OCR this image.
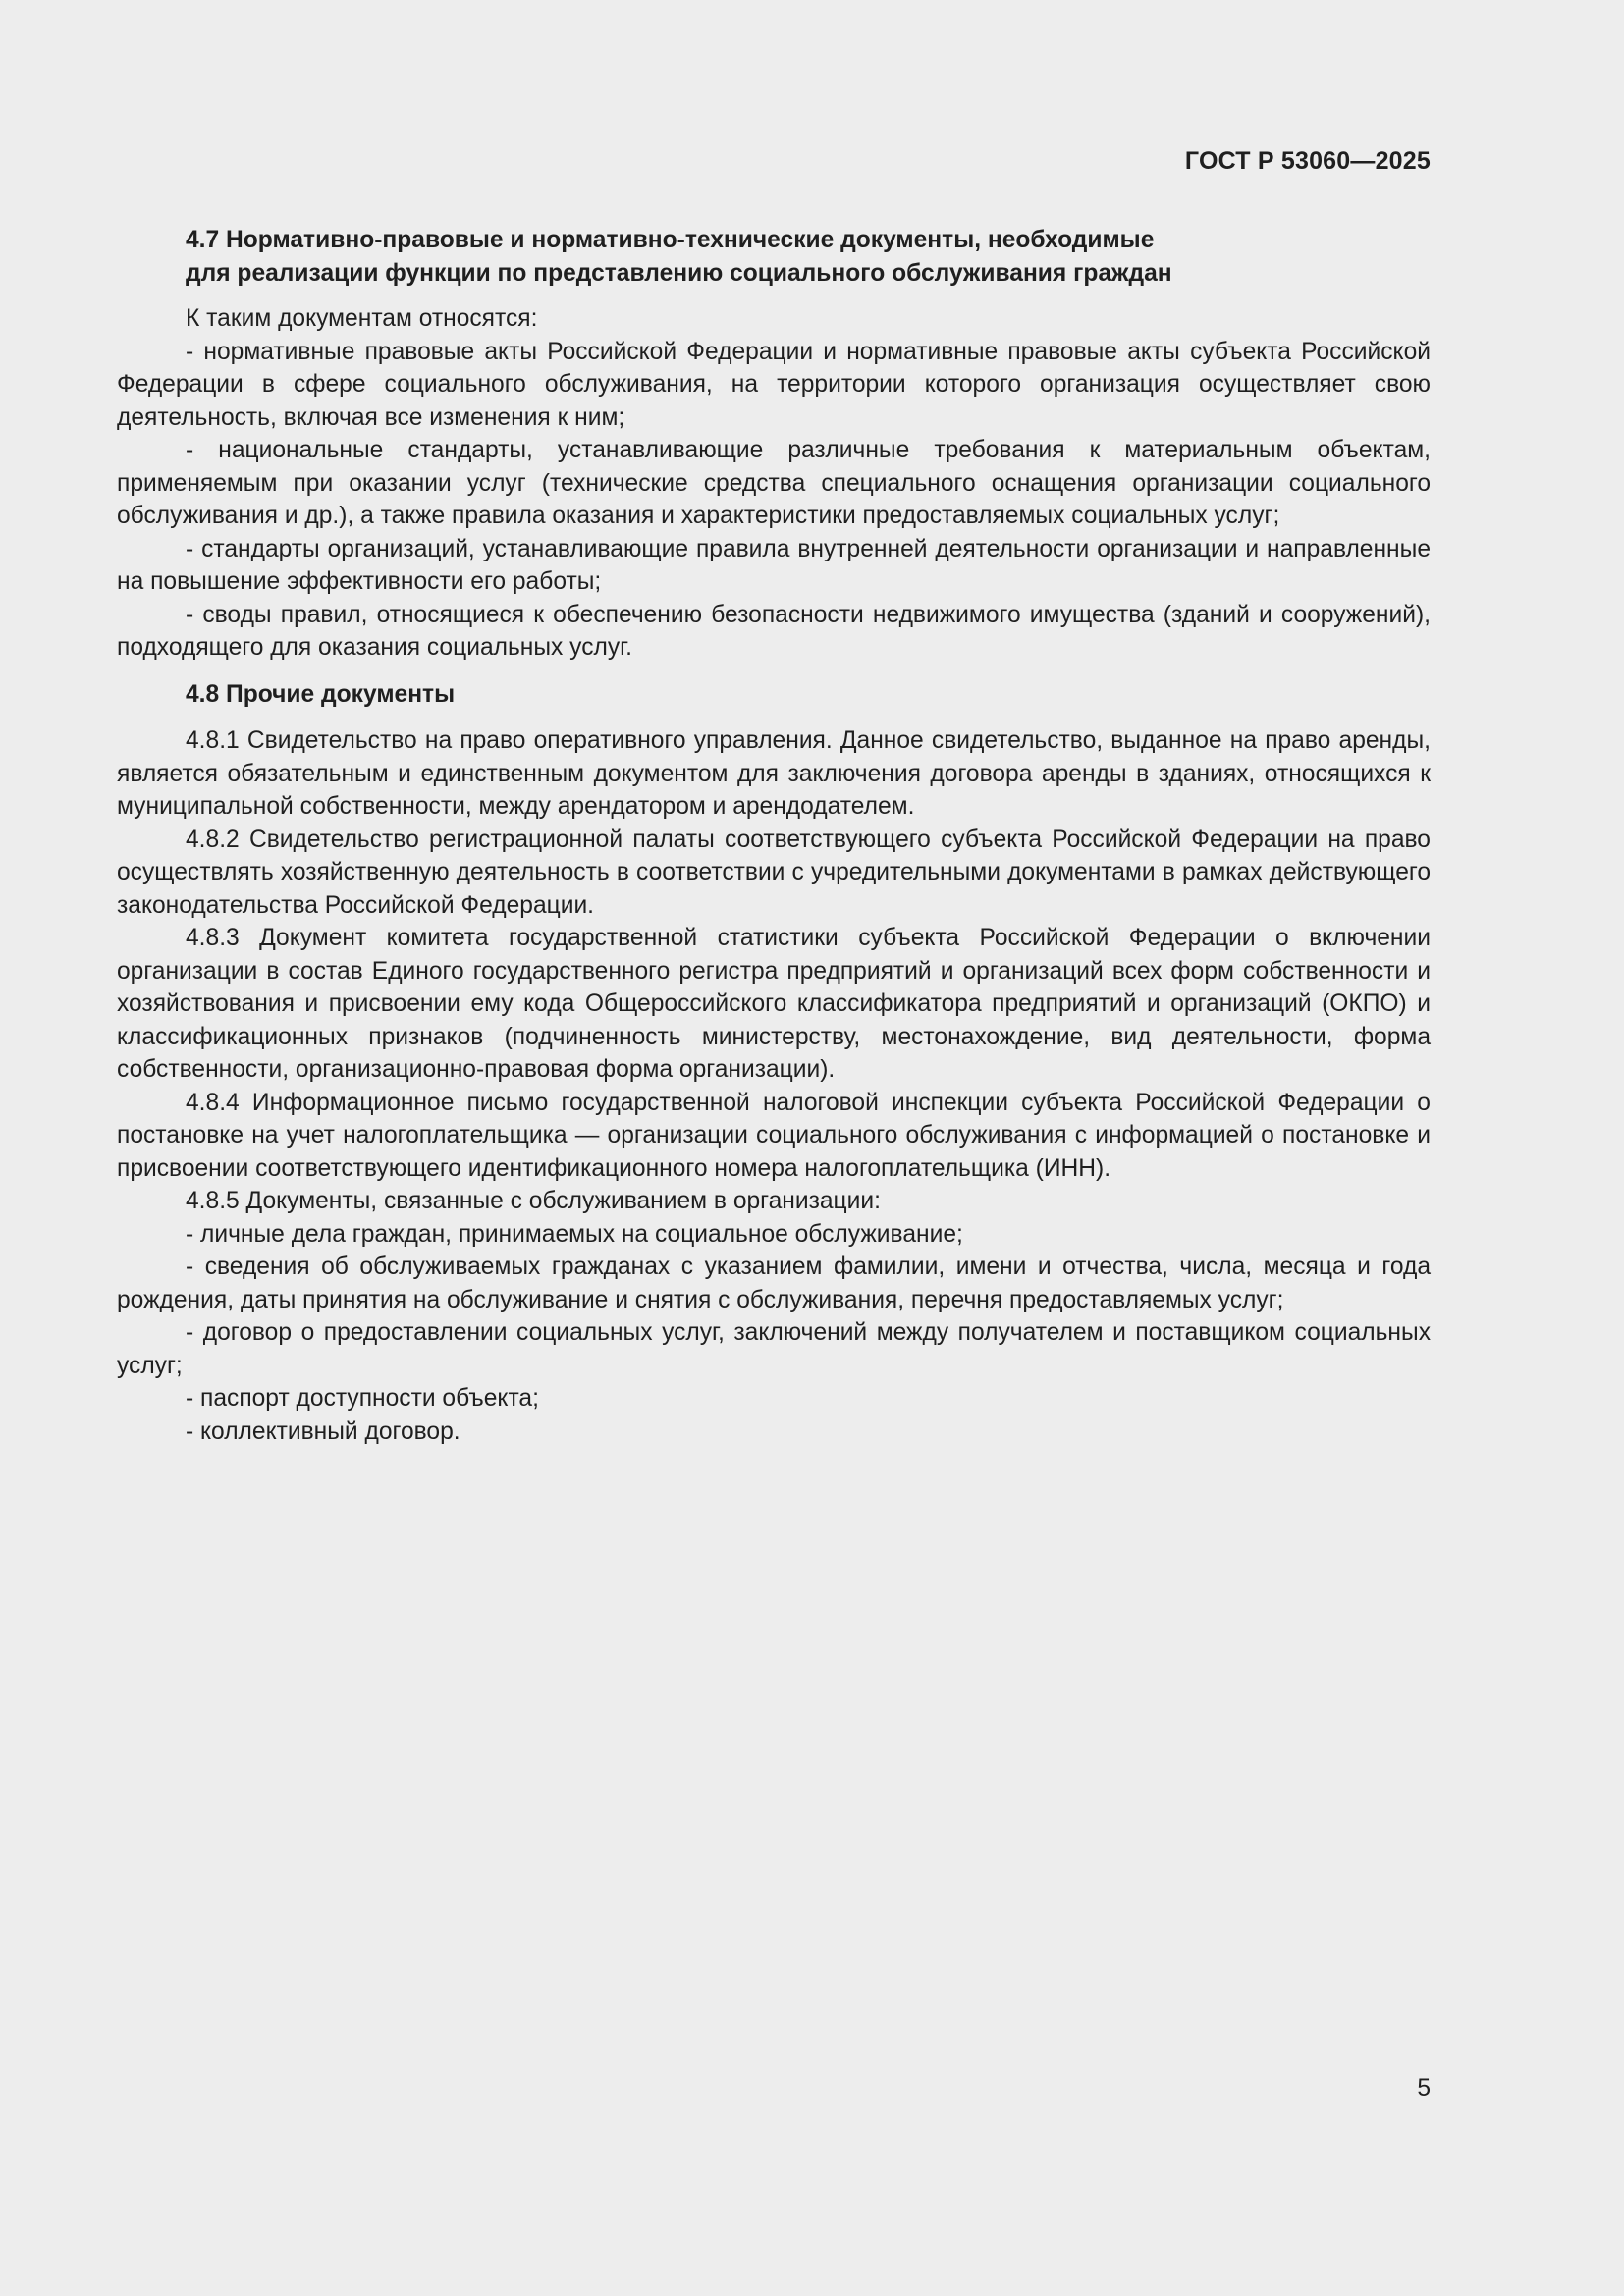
ГОСТ Р 53060—2025
4.7 Нормативно-правовые и нормативно-технические документы, необходимые
для реализации функции по представлению социального обслуживания граждан

К таким документам относятся:

- нормативные правовые акты Российской Федерации и нормативные правовые акты субъекта Российской Федерации в сфере социального обслуживания, на территории которого организация осуществляет свою деятельность, включая все изменения к ним;

- национальные стандарты, устанавливающие различные требования к материальным объектам, применяемым при оказании услуг (технические средства специального оснащения организации социального обслуживания и др.), а также правила оказания и характеристики предоставляемых социальных услуг;

- стандарты организаций, устанавливающие правила внутренней деятельности организации и направленные на повышение эффективности его работы;

- своды правил, относящиеся к обеспечению безопасности недвижимого имущества (зданий и сооружений), подходящего для оказания социальных услуг.

4.8 Прочие документы

4.8.1 Свидетельство на право оперативного управления. Данное свидетельство, выданное на право аренды, является обязательным и единственным документом для заключения договора аренды в зданиях, относящихся к муниципальной собственности, между арендатором и арендодателем.

4.8.2 Свидетельство регистрационной палаты соответствующего субъекта Российской Федерации на право осуществлять хозяйственную деятельность в соответствии с учредительными документами в рамках действующего законодательства Российской Федерации.

4.8.3 Документ комитета государственной статистики субъекта Российской Федерации о включении организации в состав Единого государственного регистра предприятий и организаций всех форм собственности и хозяйствования и присвоении ему кода Общероссийского классификатора предприятий и организаций (ОКПО) и классификационных признаков (подчиненность министерству, местонахождение, вид деятельности, форма собственности, организационно-правовая форма организации).

4.8.4 Информационное письмо государственной налоговой инспекции субъекта Российской Федерации о постановке на учет налогоплательщика — организации социального обслуживания с информацией о постановке и присвоении соответствующего идентификационного номера налогоплательщика (ИНН).

4.8.5 Документы, связанные с обслуживанием в организации:

- личные дела граждан, принимаемых на социальное обслуживание;

- сведения об обслуживаемых гражданах с указанием фамилии, имени и отчества, числа, месяца и года рождения, даты принятия на обслуживание и снятия с обслуживания, перечня предоставляемых услуг;

- договор о предоставлении социальных услуг, заключений между получателем и поставщиком социальных услуг;

- паспорт доступности объекта;

- коллективный договор.

5
